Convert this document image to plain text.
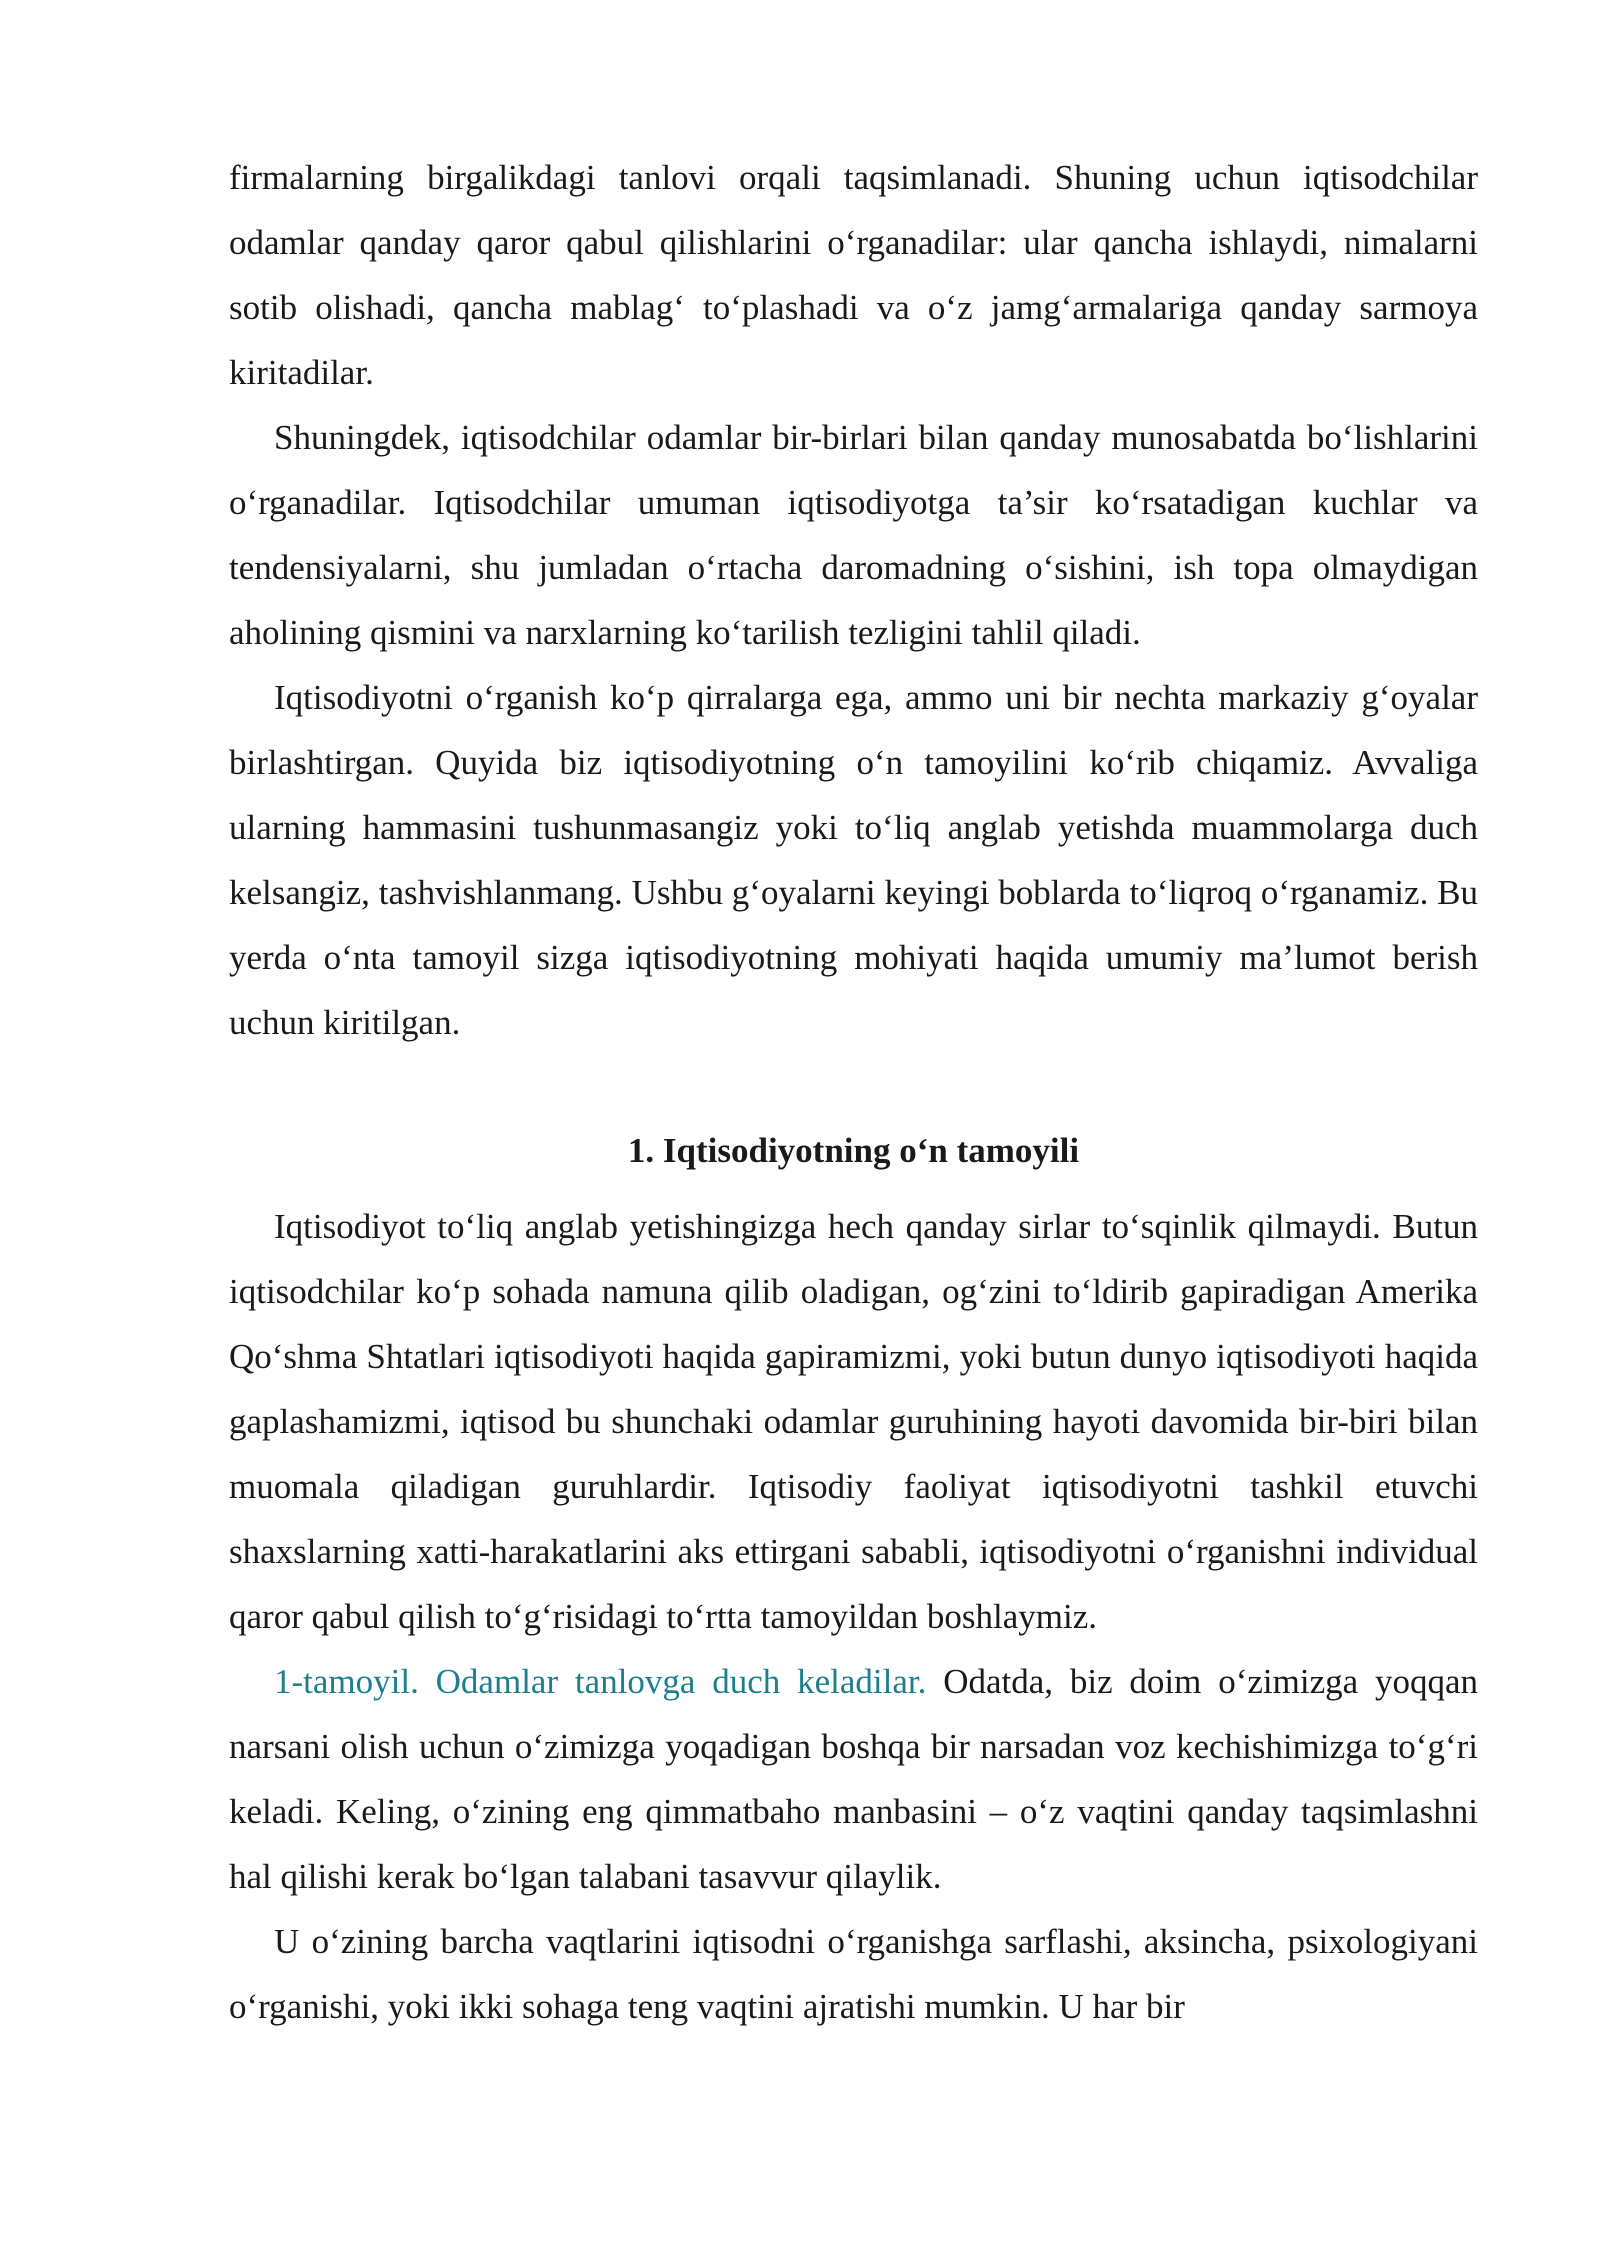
firmalarning birgalikdagi tanlovi orqali taqsimlanadi. Shuning uchun iqtisodchilar odamlar qanday qaror qabul qilishlarini o‘rganadilar: ular qancha ishlaydi, nimalarni sotib olishadi, qancha mablag‘ to‘plashadi va o‘z jamg‘armalariga qanday sarmoya kiritadilar.

Shuningdek, iqtisodchilar odamlar bir-birlari bilan qanday munosabatda bo‘lishlarini o‘rganadilar. Iqtisodchilar umuman iqtisodiyotga ta’sir ko‘rsatadigan kuchlar va tendensiyalarni, shu jumladan o‘rtacha daromadning o‘sishini, ish topa olmaydigan aholining qismini va narxlarning ko‘tarilish tezligini tahlil qiladi.

Iqtisodiyotni o‘rganish ko‘p qirralarga ega, ammo uni bir nechta markaziy g‘oyalar birlashtirgan. Quyida biz iqtisodiyotning o‘n tamoyilini ko‘rib chiqamiz. Avvaliga ularning hammasini tushunmasangiz yoki to‘liq anglab yetishda muammolarga duch kelsangiz, tashvishlanmang. Ushbu g‘oyalarni keyingi boblarda to‘liqroq o‘rganamiz. Bu yerda o‘nta tamoyil sizga iqtisodiyotning mohiyati haqida umumiy ma’lumot berish uchun kiritilgan.

1. Iqtisodiyotning o‘n tamoyili

Iqtisodiyot to‘liq anglab yetishingizga hech qanday sirlar to‘sqinlik qilmaydi. Butun iqtisodchilar ko‘p sohada namuna qilib oladigan, og‘zini to‘ldirib gapiradigan Amerika Qo‘shma Shtatlari iqtisodiyoti haqida gapiramizmi, yoki butun dunyo iqtisodiyoti haqida gaplashamizmi, iqtisod bu shunchaki odamlar guruhining hayoti davomida bir-biri bilan muomala qiladigan guruhlardir. Iqtisodiy faoliyat iqtisodiyotni tashkil etuvchi shaxslarning xatti-harakatlarini aks ettirgani sababli, iqtisodiyotni o‘rganishni individual qaror qabul qilish to‘g‘risidagi to‘rtta tamoyildan boshlaymiz.

1-tamoyil. Odamlar tanlovga duch keladilar. Odatda, biz doim o‘zimizga yoqqan narsani olish uchun o‘zimizga yoqadigan boshqa bir narsadan voz kechishimizga to‘g‘ri keladi. Keling, o‘zining eng qimmatbaho manbasini – o‘z vaqtini qanday taqsimlashni hal qilishi kerak bo‘lgan talabani tasavvur qilaylik.

U o‘zining barcha vaqtlarini iqtisodni o‘rganishga sarflashi, aksincha, psixologiyani o‘rganishi, yoki ikki sohaga teng vaqtini ajratishi mumkin. U har bir
